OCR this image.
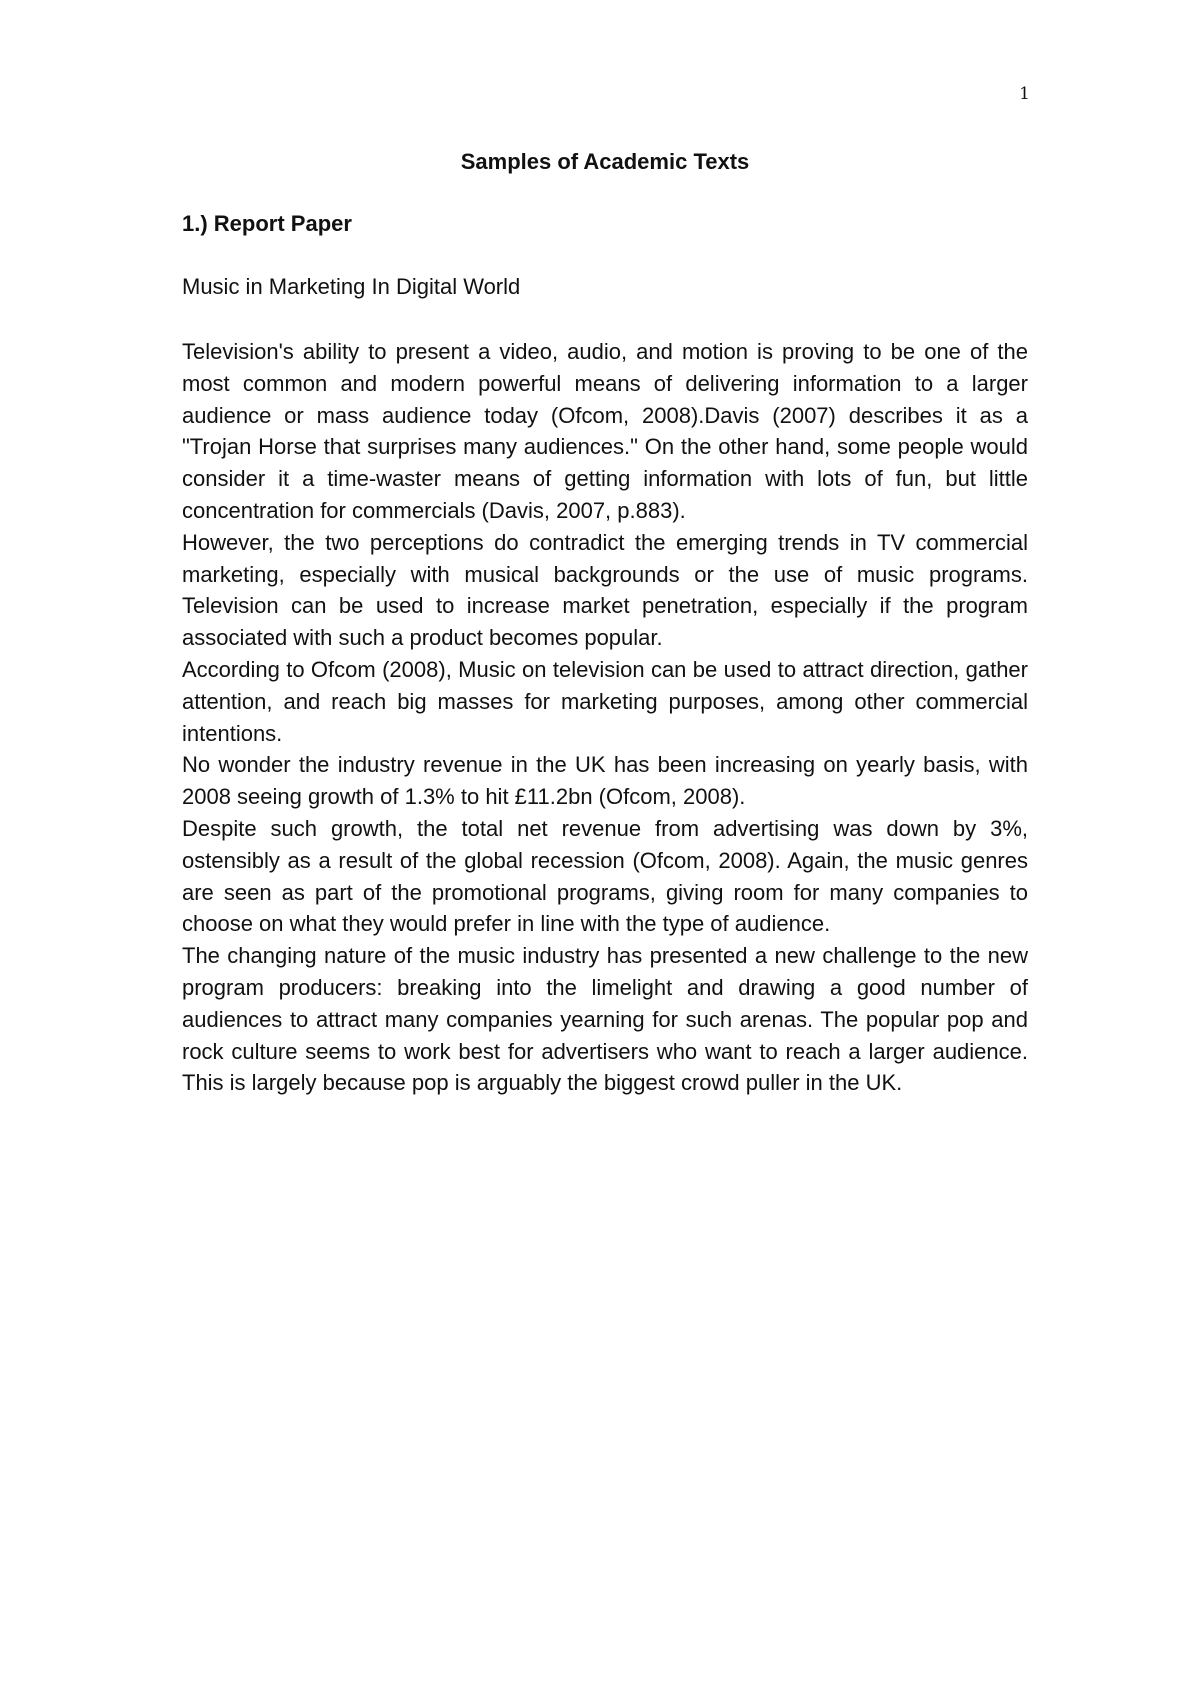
1
Samples of Academic Texts
1.) Report Paper
Music in Marketing In Digital World

Television's ability to present a video, audio, and motion is proving to be one of the most common and modern powerful means of delivering information to a larger audience or mass audience today (Ofcom, 2008).Davis (2007) describes it as a "Trojan Horse that surprises many audiences." On the other hand, some people would consider it a time-waster means of getting information with lots of fun, but little concentration for commercials (Davis, 2007, p.883).

However, the two perceptions do contradict the emerging trends in TV commercial marketing, especially with musical backgrounds or the use of music programs. Television can be used to increase market penetration, especially if the program associated with such a product becomes popular.

According to Ofcom (2008), Music on television can be used to attract direction, gather attention, and reach big masses for marketing purposes, among other commercial intentions.

No wonder the industry revenue in the UK has been increasing on yearly basis, with 2008 seeing growth of 1.3% to hit £11.2bn (Ofcom, 2008).

Despite such growth, the total net revenue from advertising was down by 3%, ostensibly as a result of the global recession (Ofcom, 2008). Again, the music genres are seen as part of the promotional programs, giving room for many companies to choose on what they would prefer in line with the type of audience.

The changing nature of the music industry has presented a new challenge to the new program producers: breaking into the limelight and drawing a good number of audiences to attract many companies yearning for such arenas. The popular pop and rock culture seems to work best for advertisers who want to reach a larger audience. This is largely because pop is arguably the biggest crowd puller in the UK.
